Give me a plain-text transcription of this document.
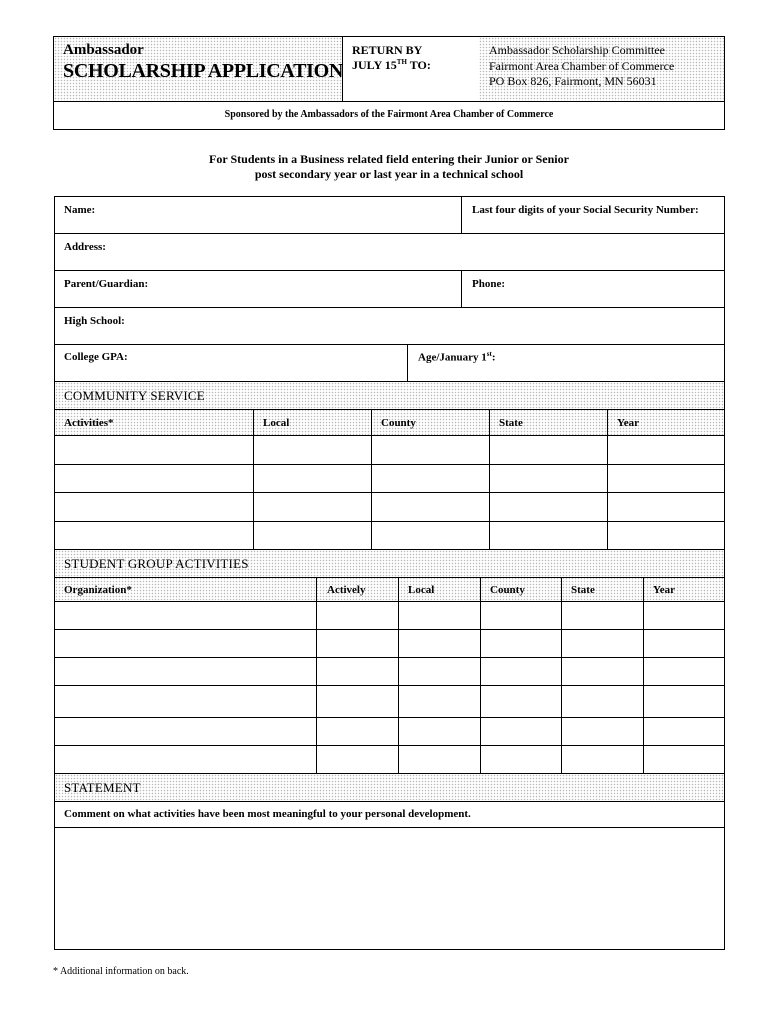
Ambassador
SCHOLARSHIP APPLICATION
RETURN BY
JULY 15TH TO:
Ambassador Scholarship Committee
Fairmont Area Chamber of Commerce
PO Box 826, Fairmont, MN 56031
Sponsored by the Ambassadors of the Fairmont Area Chamber of Commerce
For Students in a Business related field entering their Junior or Senior
post secondary year or last year in a technical school
Name:	Last four digits of your Social Security Number:
Address:
Parent/Guardian:	Phone:
High School:
College GPA:	Age/January 1st:
COMMUNITY SERVICE
Activities*	Local	County	State	Year
STUDENT GROUP ACTIVITIES
Organization*	Actively	Local	County	State	Year
STATEMENT
Comment on what activities have been most meaningful to your personal development.
* Additional information on back.
